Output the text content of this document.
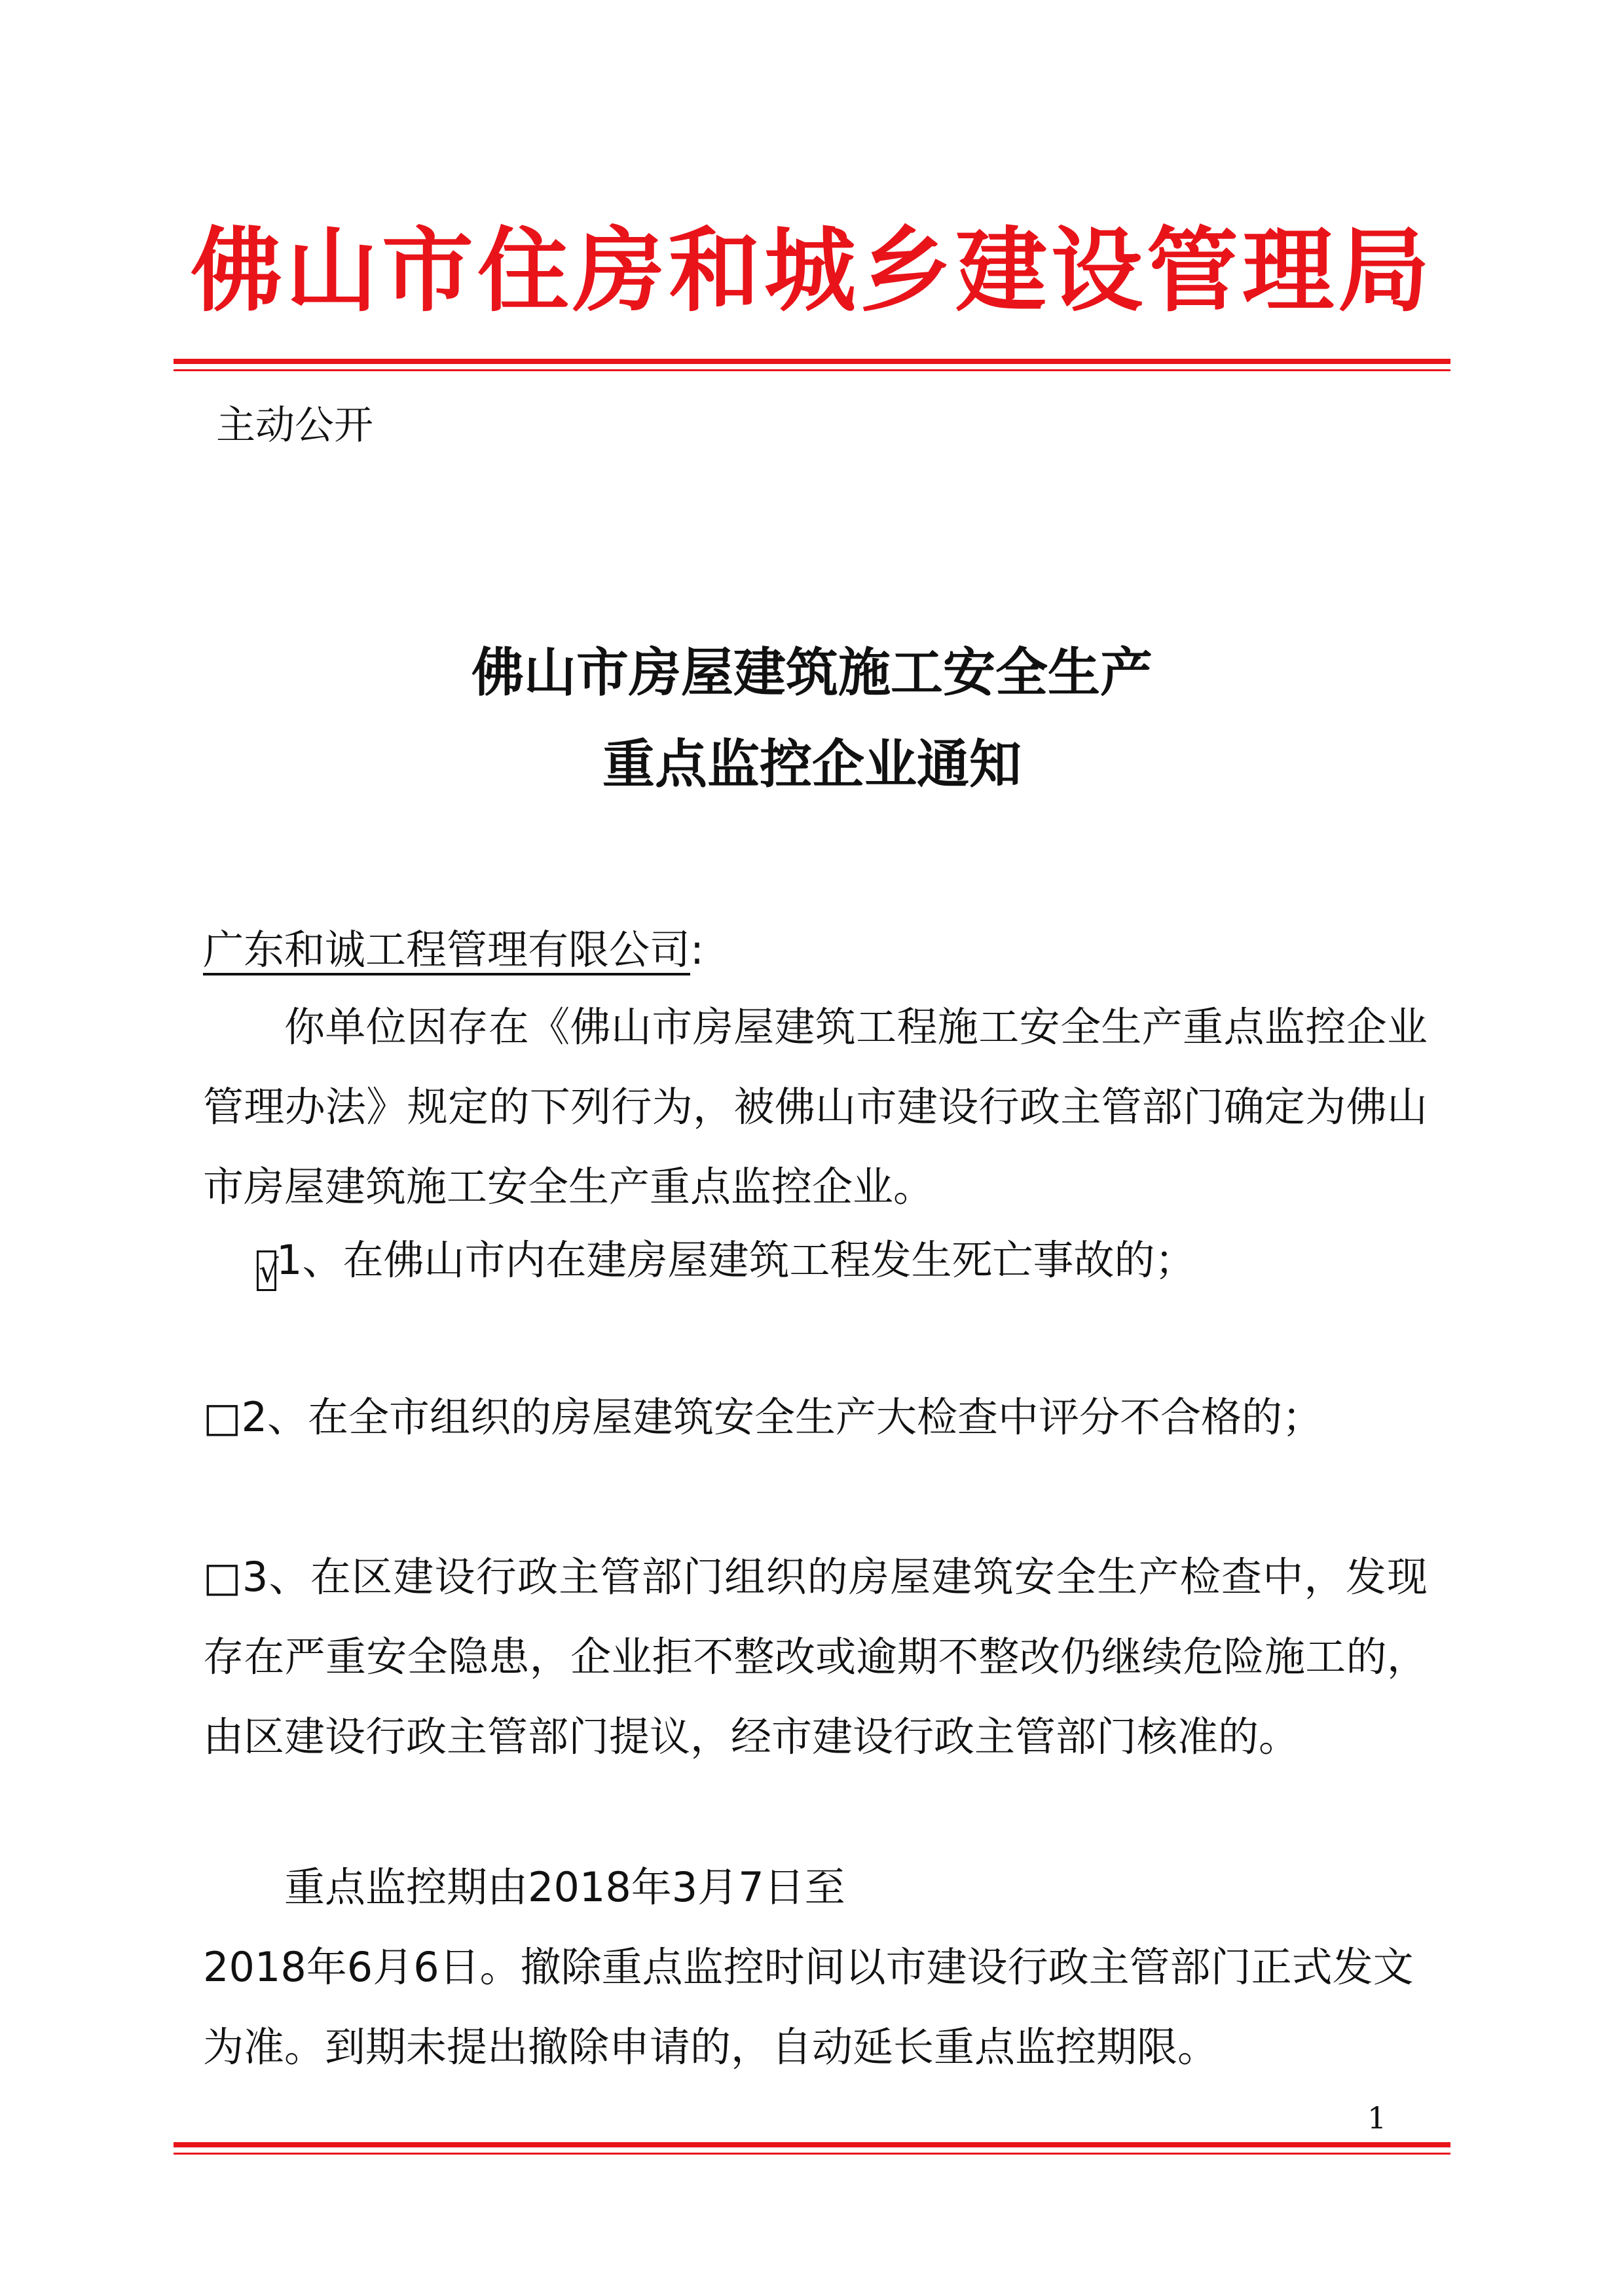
佛山市住房和城乡建设管理局
主动公开
佛山市房屋建筑施工安全生产
重点监控企业通知
广东和诚工程管理有限公司:
你单位因存在《佛山市房屋建筑工程施工安全生产重点监控企业管理办法》规定的下列行为，被佛山市建设行政主管部门确定为佛山市房屋建筑施工安全生产重点监控企业。
√1、在佛山市内在建房屋建筑工程发生死亡事故的；
□2、在全市组织的房屋建筑安全生产大检查中评分不合格的；
□3、在区建设行政主管部门组织的房屋建筑安全生产检查中，发现存在严重安全隐患，企业拒不整改或逾期不整改仍继续危险施工的，由区建设行政主管部门提议，经市建设行政主管部门核准的。
重点监控期由2018年3月7日至
2018年6月6日。撤除重点监控时间以市建设行政主管部门正式发文为准。到期未提出撤除申请的，自动延长重点监控期限。
1
